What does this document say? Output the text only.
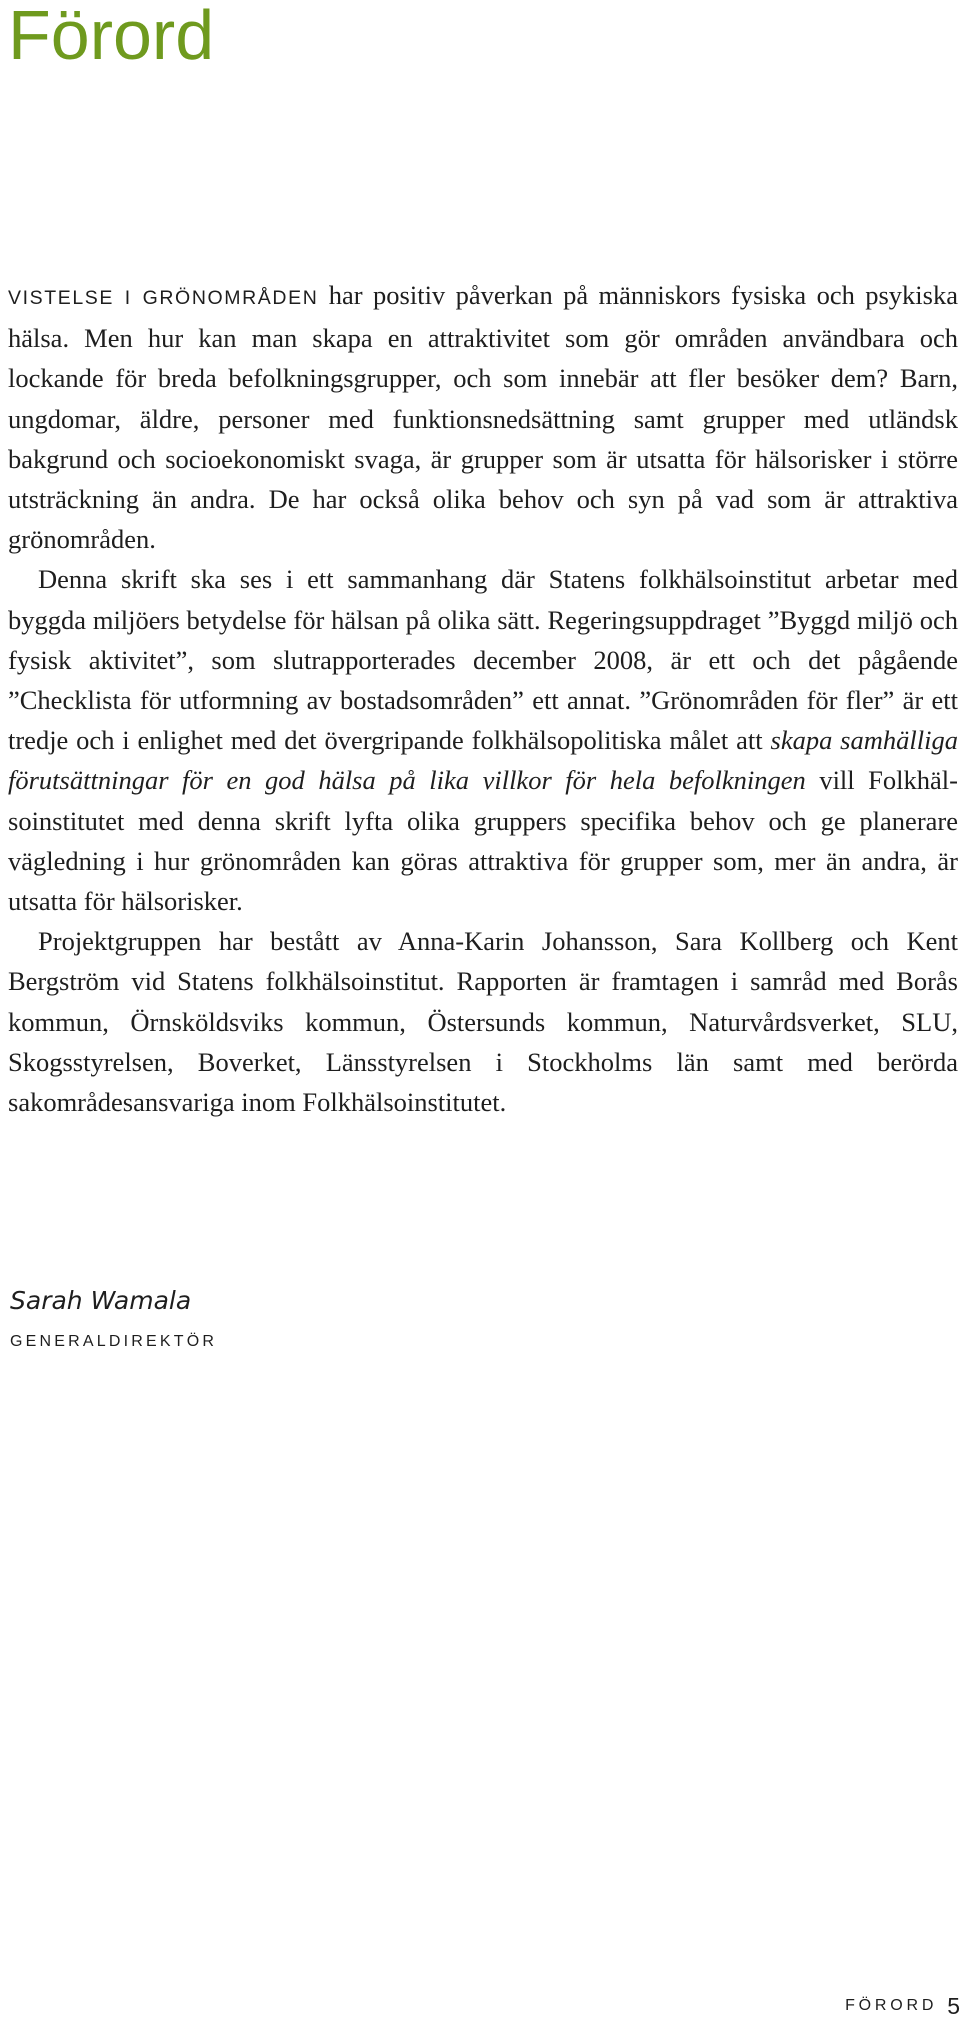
Förord

VISTELSE I GRÖNOMRÅDEN har positiv påverkan på människors fysiska och psykiska hälsa. Men hur kan man skapa en attraktivitet som gör områden användbara och lockande för breda befolkningsgrupper, och som innebär att fler besöker dem? Barn, ungdomar, äldre, personer med funktionsnedsättning samt grupper med utländsk bakgrund och socioekonomiskt svaga, är grupper som är utsatta för hälsorisker i större utsträckning än andra. De har också olika behov och syn på vad som är attraktiva grönområden.

Denna skrift ska ses i ett sammanhang där Statens folkhälsoinstitut arbetar med byggda miljöers betydelse för hälsan på olika sätt. Regeringsuppdraget ”Byggd miljö och fysisk aktivitet”, som slutrapporterades december 2008, är ett och det pågående ”Checklista för utformning av bostadsområden” ett annat. ”Grönområden för fler” är ett tredje och i enlighet med det övergripande folkhälsopolitiska målet att skapa samhälliga förutsättningar för en god hälsa på lika villkor för hela befolkningen vill Folkhälsoinstitutet med denna skrift lyfta olika gruppers specifika behov och ge planerare vägledning i hur grönområden kan göras attraktiva för grupper som, mer än andra, är utsatta för hälsorisker.

Projektgruppen har bestått av Anna-Karin Johansson, Sara Kollberg och Kent Bergström vid Statens folkhälsoinstitut. Rapporten är framtagen i samråd med Borås kommun, Örnsköldsviks kommun, Östersunds kommun, Naturvårdsverket, SLU, Skogsstyrelsen, Boverket, Länsstyrelsen i Stockholms län samt med berörda sakområdesansvariga inom Folkhälsoinstitutet.

Sarah Wamala
GENERALDIREKTÖR
FÖRORD 5
